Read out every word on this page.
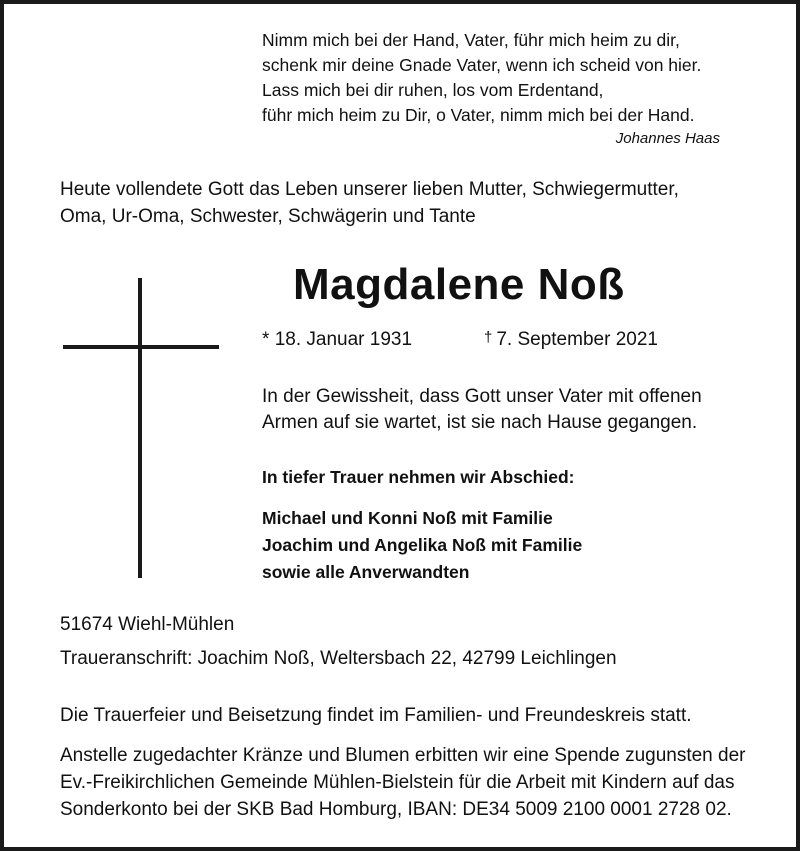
Nimm mich bei der Hand, Vater, führ mich heim zu dir,
schenk mir deine Gnade Vater, wenn ich scheid von hier.
Lass mich bei dir ruhen, los vom Erdentand,
führ mich heim zu Dir, o Vater, nimm mich bei der Hand.
Johannes Haas
Heute vollendete Gott das Leben unserer lieben Mutter, Schwiegermutter,
Oma, Ur-Oma, Schwester, Schwägerin und Tante
Magdalene Noß
* 18. Januar 1931	† 7. September 2021
In der Gewissheit, dass Gott unser Vater mit offenen
Armen auf sie wartet, ist sie nach Hause gegangen.
In tiefer Trauer nehmen wir Abschied:
Michael und Konni Noß mit Familie
Joachim und Angelika Noß mit Familie
sowie alle Anverwandten
51674 Wiehl-Mühlen
Traueranschrift: Joachim Noß, Weltersbach 22, 42799 Leichlingen
Die Trauerfeier und Beisetzung findet im Familien- und Freundeskreis statt.
Anstelle zugedachter Kränze und Blumen erbitten wir eine Spende zugunsten der
Ev.-Freikirchlichen Gemeinde Mühlen-Bielstein für die Arbeit mit Kindern auf das
Sonderkonto bei der SKB Bad Homburg, IBAN: DE34 5009 2100 0001 2728 02.
